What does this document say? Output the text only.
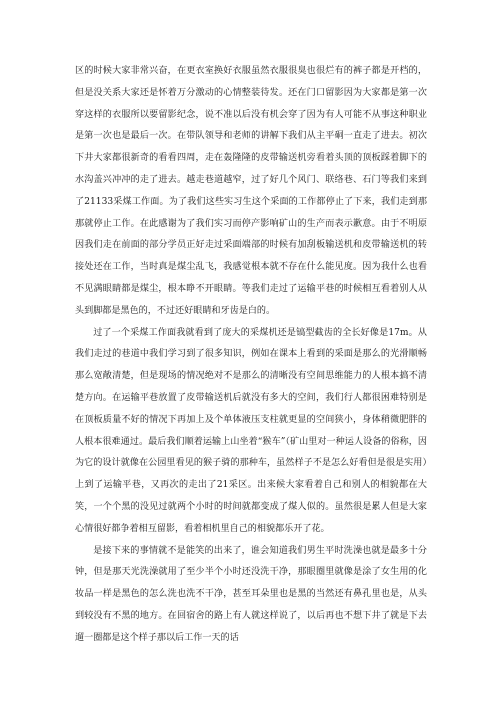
区的时候大家非常兴奋，在更衣室换好衣服虽然衣服很臭也很烂有的裤子都是开档的，但是没关系大家还是怀着万分激动的心情整装待发。还在门口留影因为大家都是第一次穿这样的衣服所以要留影纪念，说不准以后没有机会穿了因为有人可能不从事这种职业是第一次也是最后一次。在带队领导和老师的讲解下我们从主平硐一直走了进去。初次下井大家都很新奇的看看四周，走在轰隆隆的皮带输送机旁看着头顶的顶板踩着脚下的水沟盖兴冲冲的走了进去。越走巷道越窄，过了好几个风门、联络巷、石门等我们来到了21133采煤工作面。为了我们这些实习生这个采面的工作都停止了下来，我们走到那那就停止工作。在此感谢为了我们实习而停产影响矿山的生产而表示歉意。由于不明原因我们走在前面的部分学员正好走过采面端部的时候有加刮板输送机和皮带输送机的转接处还在工作，当时真是煤尘乱飞，我感觉根本就不存在什么能见度。因为我什么也看不见满眼睛都是煤尘，根本睁不开眼睛。等我们走过了运输平巷的时候相互看着别人从头到脚都是黑色的，不过还好眼睛和牙齿是白的。

过了一个采煤工作面我就看到了庞大的采煤机还是镐型截齿的全长好像是17m。从我们走过的巷道中我们学习到了很多知识，例如在课本上看到的采面是那么的光滑顺畅那么宽敞清楚，但是现场的情况绝对不是那么的清晰没有空间思维能力的人根本搞不清楚方向。在运输平巷放置了皮带输送机后就没有多大的空间，我们行人都很困难特别是在顶板质量不好的情况下再加上及个单体液压支柱就更显的空间狭小，身体稍微肥胖的人根本很难通过。最后我们顺着运输上山坐着“猴车”（矿山里对一种运人设备的俗称，因为它的设计就像在公园里看见的猴子骑的那种车，虽然样子不是怎么好看但是很是实用）上到了运输平巷，又再次的走出了21采区。出来候大家看着自己和别人的相貌都在大笑，一个个黑的没见过就两个小时的时间就都变成了煤人似的。虽然很是累人但是大家心情很好都争着相互留影，看着相机里自己的相貌都乐开了花。

是接下来的事情就不是能笑的出来了，谁会知道我们男生平时洗澡也就是最多十分钟，但是那天光洗澡就用了至少半个小时还没洗干净，那眼圈里就像是涂了女生用的化妆品一样是黑色的怎么洗也洗不干净，甚至耳朵里也是黑的当然还有鼻孔里也是，从头到较没有不黑的地方。在回宿舍的路上有人就这样说了，以后再也不想下井了就是下去遛一圈都是这个样子那以后工作一天的话
